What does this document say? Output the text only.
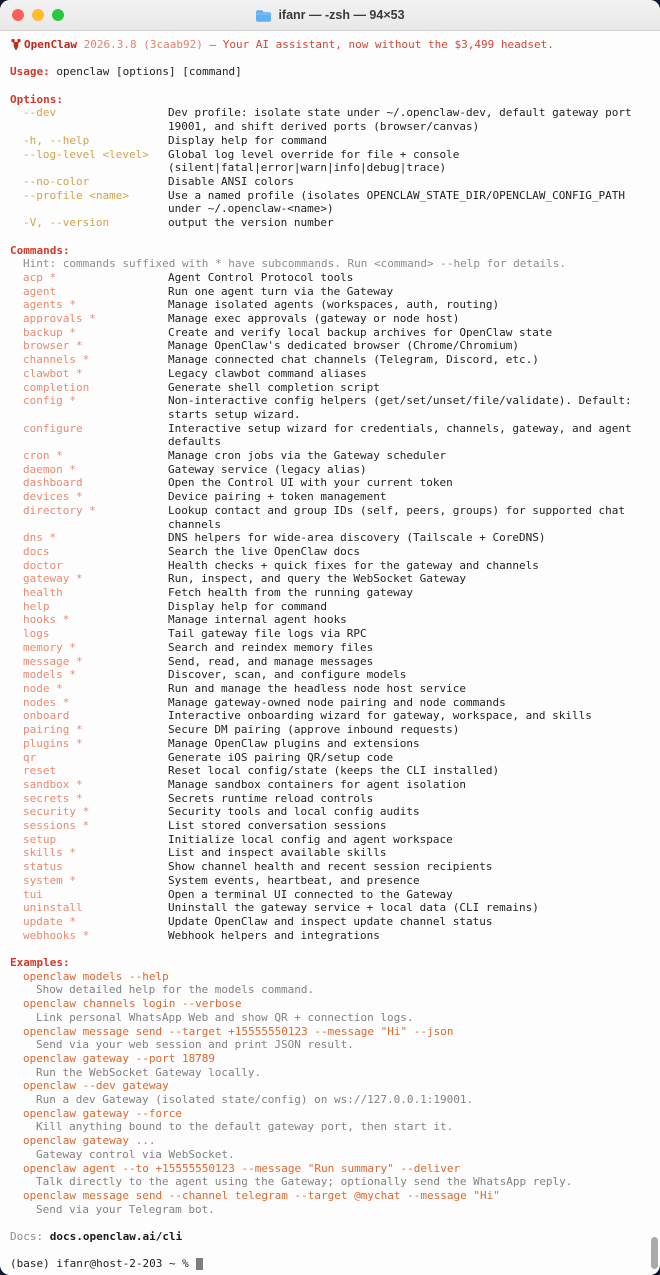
ifanr — -zsh — 94×53
OpenClaw 2026.3.8 (3caab92) — Your AI assistant, now without the $3,499 headset.
Usage: openclaw [options] [command]
Options:
--dev	Dev profile: isolate state under ~/.openclaw-dev, default gateway port 19001, and shift derived ports (browser/canvas)
-h, --help	Display help for command
--log-level <level>	Global log level override for file + console (silent|fatal|error|warn|info|debug|trace)
--no-color	Disable ANSI colors
--profile <name>	Use a named profile (isolates OPENCLAW_STATE_DIR/OPENCLAW_CONFIG_PATH under ~/.openclaw-<name>)
-V, --version	output the version number
Commands:
Hint: commands suffixed with * have subcommands. Run <command> --help for details.
acp *	Agent Control Protocol tools
agent	Run one agent turn via the Gateway
agents *	Manage isolated agents (workspaces, auth, routing)
approvals *	Manage exec approvals (gateway or node host)
backup *	Create and verify local backup archives for OpenClaw state
browser *	Manage OpenClaw's dedicated browser (Chrome/Chromium)
channels *	Manage connected chat channels (Telegram, Discord, etc.)
clawbot *	Legacy clawbot command aliases
completion	Generate shell completion script
config *	Non-interactive config helpers (get/set/unset/file/validate). Default: starts setup wizard.
configure	Interactive setup wizard for credentials, channels, gateway, and agent defaults
cron *	Manage cron jobs via the Gateway scheduler
daemon *	Gateway service (legacy alias)
dashboard	Open the Control UI with your current token
devices *	Device pairing + token management
directory *	Lookup contact and group IDs (self, peers, groups) for supported chat channels
dns *	DNS helpers for wide-area discovery (Tailscale + CoreDNS)
docs	Search the live OpenClaw docs
doctor	Health checks + quick fixes for the gateway and channels
gateway *	Run, inspect, and query the WebSocket Gateway
health	Fetch health from the running gateway
help	Display help for command
hooks *	Manage internal agent hooks
logs	Tail gateway file logs via RPC
memory *	Search and reindex memory files
message *	Send, read, and manage messages
models *	Discover, scan, and configure models
node *	Run and manage the headless node host service
nodes *	Manage gateway-owned node pairing and node commands
onboard	Interactive onboarding wizard for gateway, workspace, and skills
pairing *	Secure DM pairing (approve inbound requests)
plugins *	Manage OpenClaw plugins and extensions
qr	Generate iOS pairing QR/setup code
reset	Reset local config/state (keeps the CLI installed)
sandbox *	Manage sandbox containers for agent isolation
secrets *	Secrets runtime reload controls
security *	Security tools and local config audits
sessions *	List stored conversation sessions
setup	Initialize local config and agent workspace
skills *	List and inspect available skills
status	Show channel health and recent session recipients
system *	System events, heartbeat, and presence
tui	Open a terminal UI connected to the Gateway
uninstall	Uninstall the gateway service + local data (CLI remains)
update *	Update OpenClaw and inspect update channel status
webhooks *	Webhook helpers and integrations
Examples:
openclaw models --help
Show detailed help for the models command.
openclaw channels login --verbose
Link personal WhatsApp Web and show QR + connection logs.
openclaw message send --target +15555550123 --message "Hi" --json
Send via your web session and print JSON result.
openclaw gateway --port 18789
Run the WebSocket Gateway locally.
openclaw --dev gateway
Run a dev Gateway (isolated state/config) on ws://127.0.0.1:19001.
openclaw gateway --force
Kill anything bound to the default gateway port, then start it.
openclaw gateway ...
Gateway control via WebSocket.
openclaw agent --to +15555550123 --message "Run summary" --deliver
Talk directly to the agent using the Gateway; optionally send the WhatsApp reply.
openclaw message send --channel telegram --target @mychat --message "Hi"
Send via your Telegram bot.
Docs: docs.openclaw.ai/cli
(base) ifanr@host-2-203 ~ %
